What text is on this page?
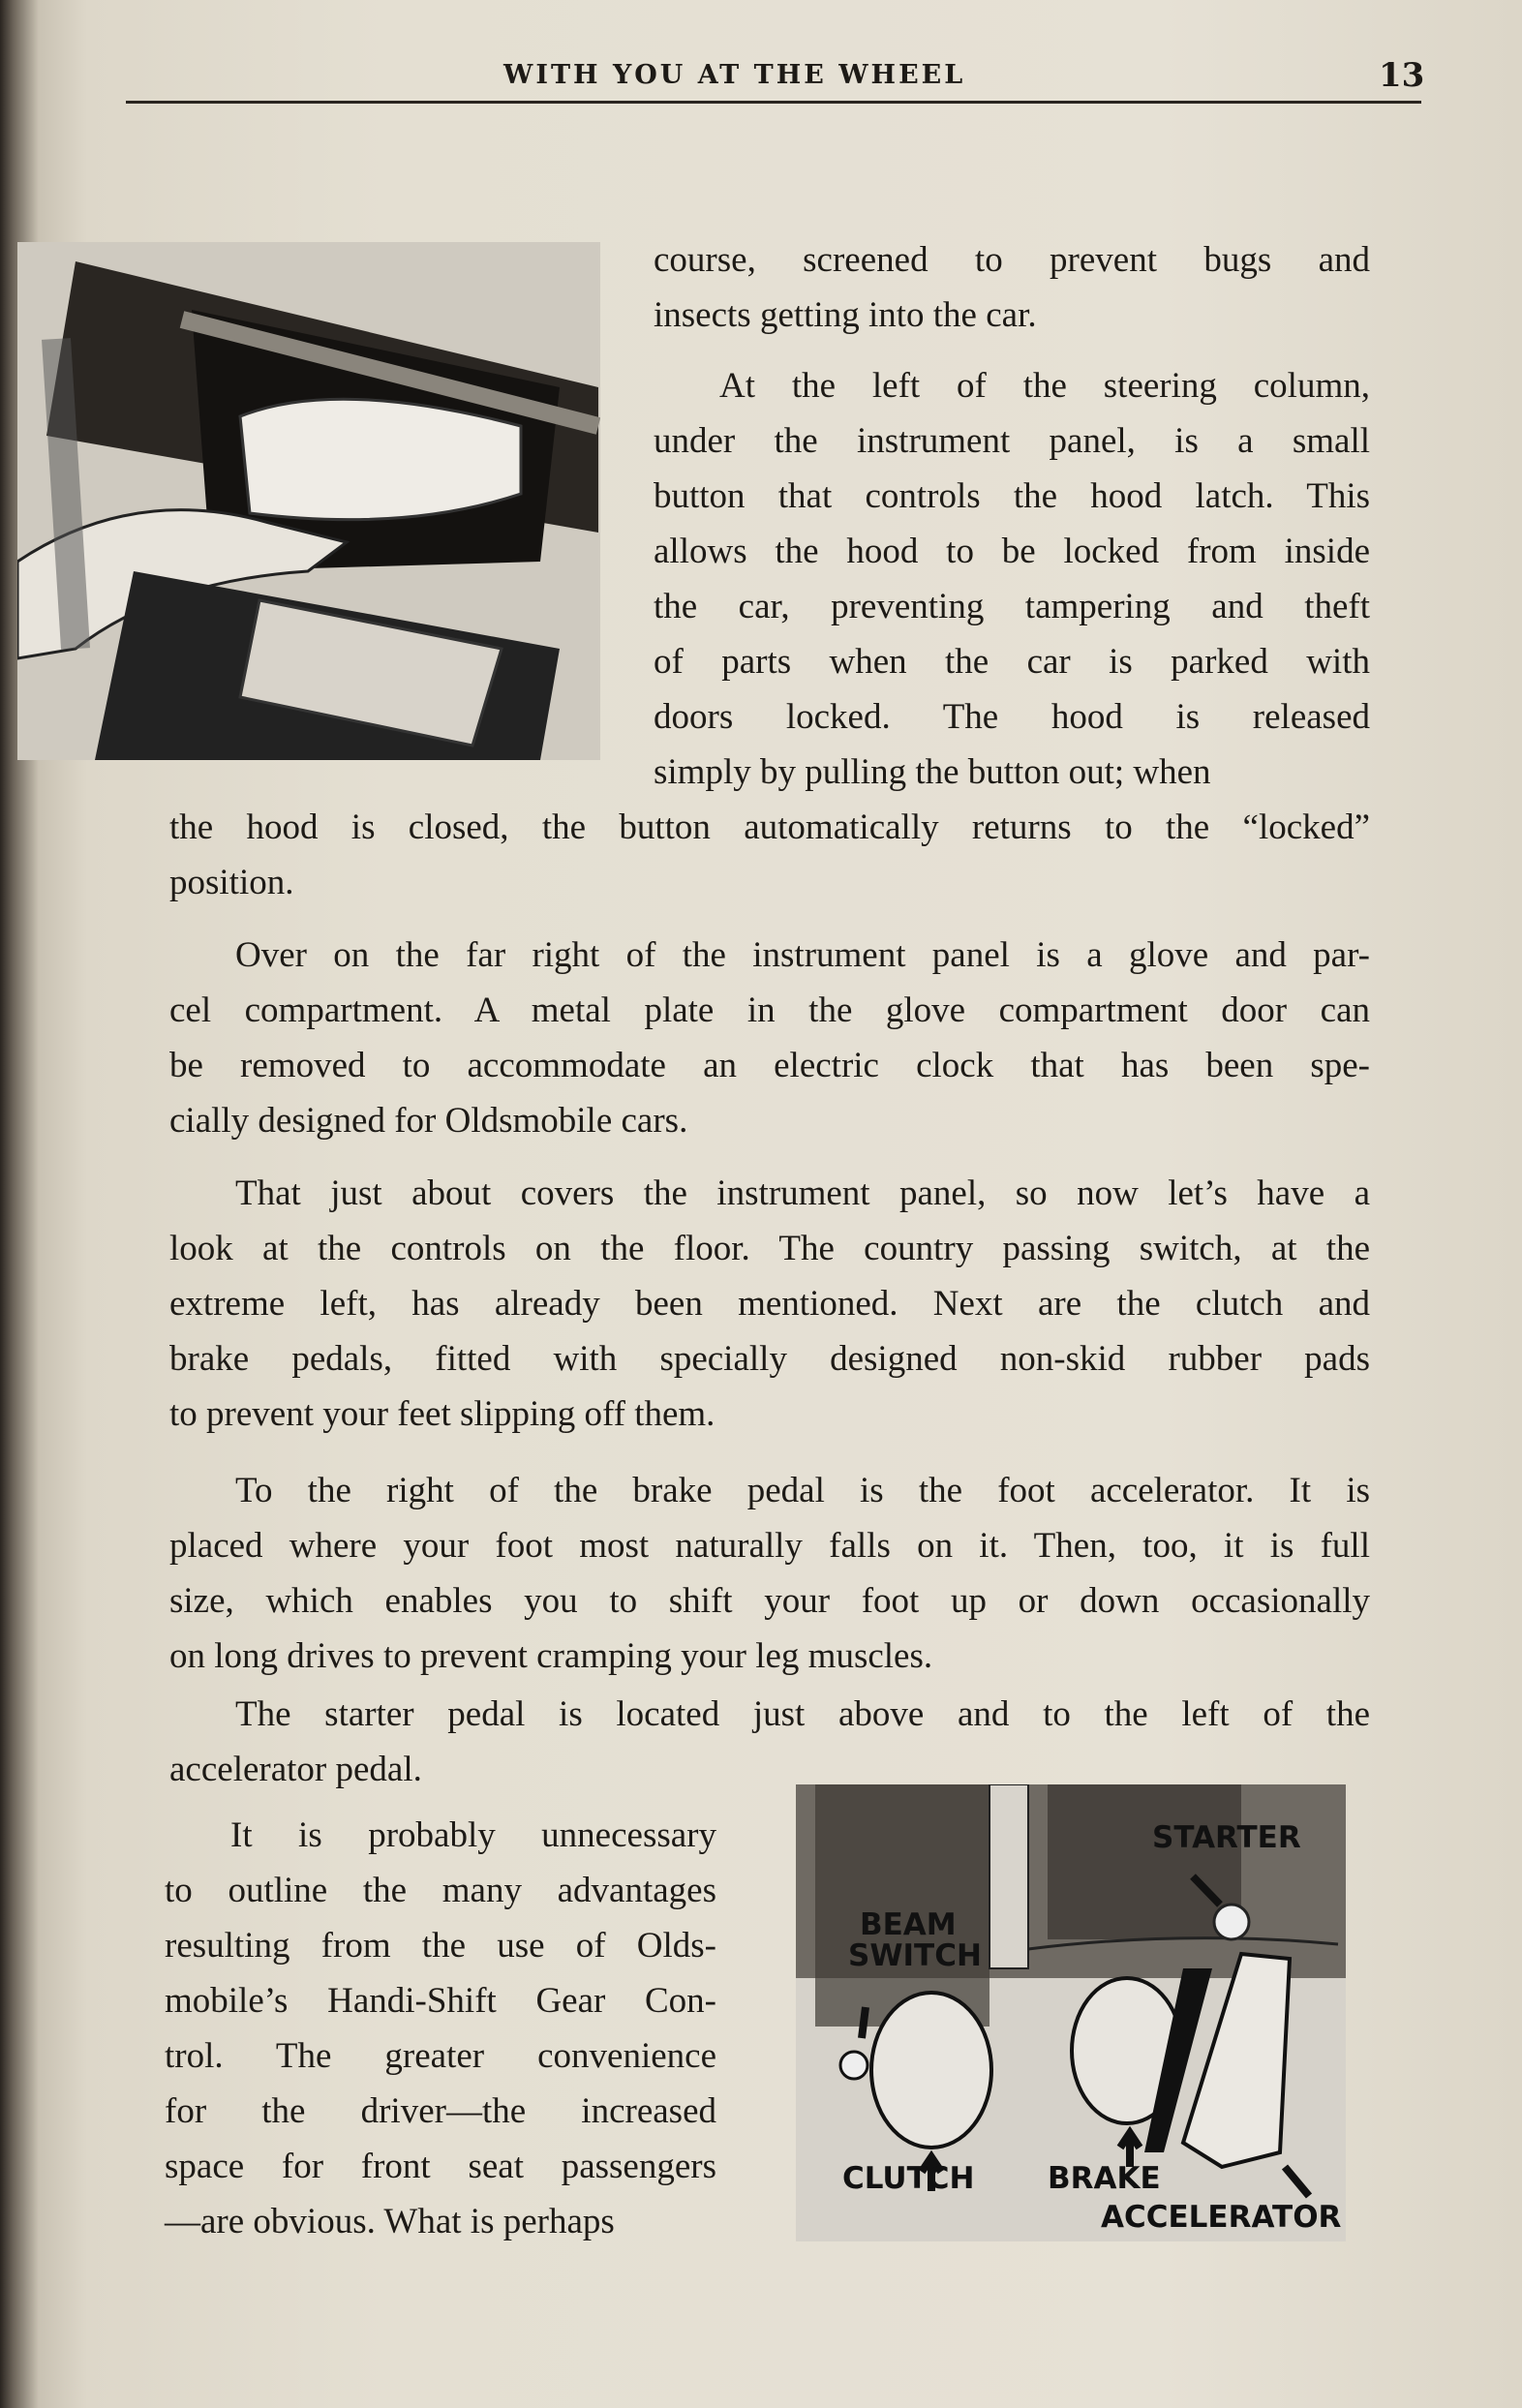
WITH YOU AT THE WHEEL	13
course, screened to prevent bugs and
insects getting into the car.
At the left of the steering column,
under the instrument panel, is a small
button that controls the hood latch. This
allows the hood to be locked from inside
the car, preventing tampering and theft
of parts when the car is parked with
doors locked. The hood is released
simply by pulling the button out; when
the hood is closed, the button automatically returns to the “locked”
position.
Over on the far right of the instrument panel is a glove and par-
cel compartment. A metal plate in the glove compartment door can
be removed to accommodate an electric clock that has been spe-
cially designed for Oldsmobile cars.
That just about covers the instrument panel, so now let’s have a
look at the controls on the floor. The country passing switch, at the
extreme left, has already been mentioned. Next are the clutch and
brake pedals, fitted with specially designed non-skid rubber pads
to prevent your feet slipping off them.
To the right of the brake pedal is the foot accelerator. It is
placed where your foot most naturally falls on it. Then, too, it is full
size, which enables you to shift your foot up or down occasionally
on long drives to prevent cramping your leg muscles.
The starter pedal is located just above and to the left of the
accelerator pedal.
It is probably unnecessary
to outline the many advantages
resulting from the use of Olds-
mobile’s Handi-Shift Gear Con-
trol. The greater convenience
for the driver—the increased
space for front seat passengers
—are obvious. What is perhaps
STARTER
BEAM
SWITCH
CLUTCH BRAKE
ACCELERATOR
